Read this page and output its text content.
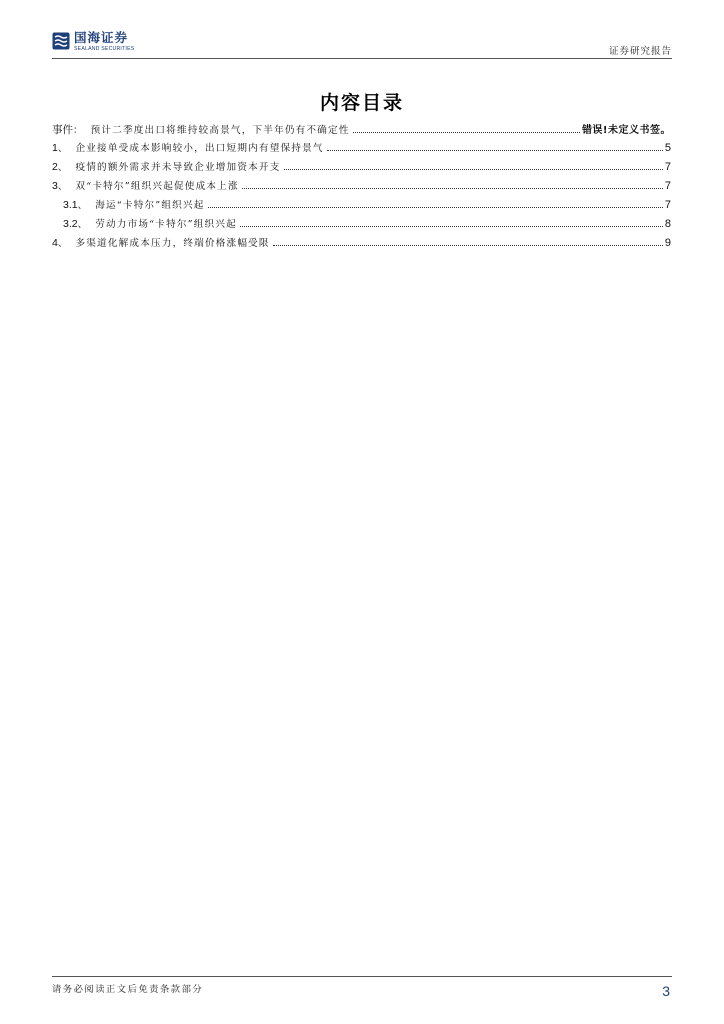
国海证券
SEALAND SECURITIES	证券研究报告
内容目录
事件 ： 预计二季度出口将维持较高景气，下半年仍有不确定性	错误!未定义书签。
1 、 企业接单受成本影响较小，出口短期内有望保持景气	5
2 、 疫情的额外需求并未导致企业增加资本开支	7
3 、 双“卡特尔”组织兴起促使成本上涨	7
3.1 、 海运“卡特尔”组织兴起	7
3.2 、 劳动力市场“卡特尔”组织兴起	8
4 、 多渠道化解成本压力，终端价格涨幅受限	9
请务必阅读正文后免责条款部分	3
